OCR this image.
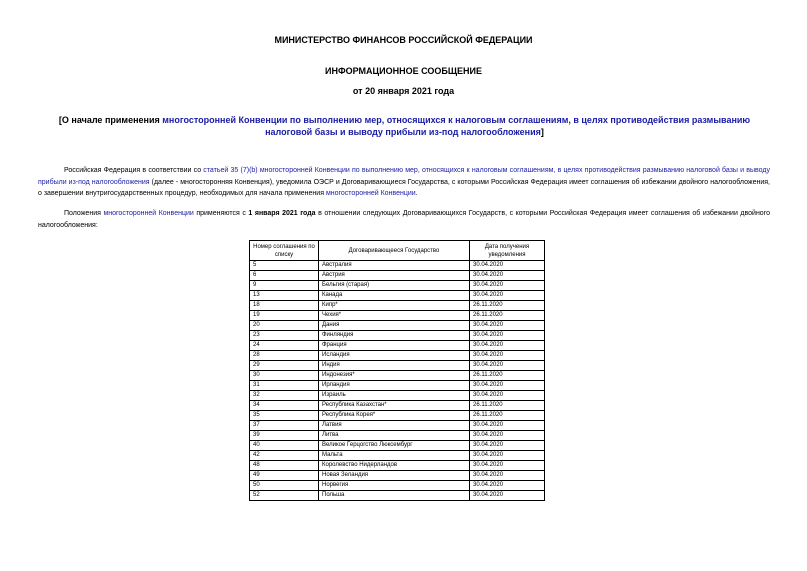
МИНИСТЕРСТВО ФИНАНСОВ РОССИЙСКОЙ ФЕДЕРАЦИИ
ИНФОРМАЦИОННОЕ СООБЩЕНИЕ
от 20 января 2021 года
[О начале применения многосторонней Конвенции по выполнению мер, относящихся к налоговым соглашениям, в целях противодействия размыванию налоговой базы и выводу прибыли из-под налогообложения]
Российская Федерация в соответствии со статьей 35 (7)(b) многосторонней Конвенции по выполнению мер, относящихся к налоговым соглашениям, в целях противодействия размыванию налоговой базы и выводу прибыли из-под налогообложения (далее - многосторонняя Конвенция), уведомила ОЭСР и Договаривающиеся Государства, с которыми Российская Федерация имеет соглашения об избежании двойного налогообложения, о завершении внутригосударственных процедур, необходимых для начала применения многосторонней Конвенции.
Положения многосторонней Конвенции применяются с 1 января 2021 года в отношении следующих Договаривающихся Государств, с которыми Российская Федерация имеет соглашения об избежании двойного налогообложения:
Номер соглашения по списку	Договаривающееся Государство	Дата получения уведомления
5	Австралия	30.04.2020
6	Австрия	30.04.2020
9	Бельгия (старая)	30.04.2020
13	Канада	30.04.2020
18	Кипр*	26.11.2020
19	Чехия*	26.11.2020
20	Дания	30.04.2020
23	Финляндия	30.04.2020
24	Франция	30.04.2020
28	Исландия	30.04.2020
29	Индия	30.04.2020
30	Индонезия*	26.11.2020
31	Ирландия	30.04.2020
32	Израиль	30.04.2020
34	Республика Казахстан*	26.11.2020
35	Республика Корея*	26.11.2020
37	Латвия	30.04.2020
39	Литва	30.04.2020
40	Великое Герцогство Люксембург	30.04.2020
42	Мальта	30.04.2020
48	Королевство Нидерландов	30.04.2020
49	Новая Зеландия	30.04.2020
50	Норвегия	30.04.2020
52	Польша	30.04.2020
